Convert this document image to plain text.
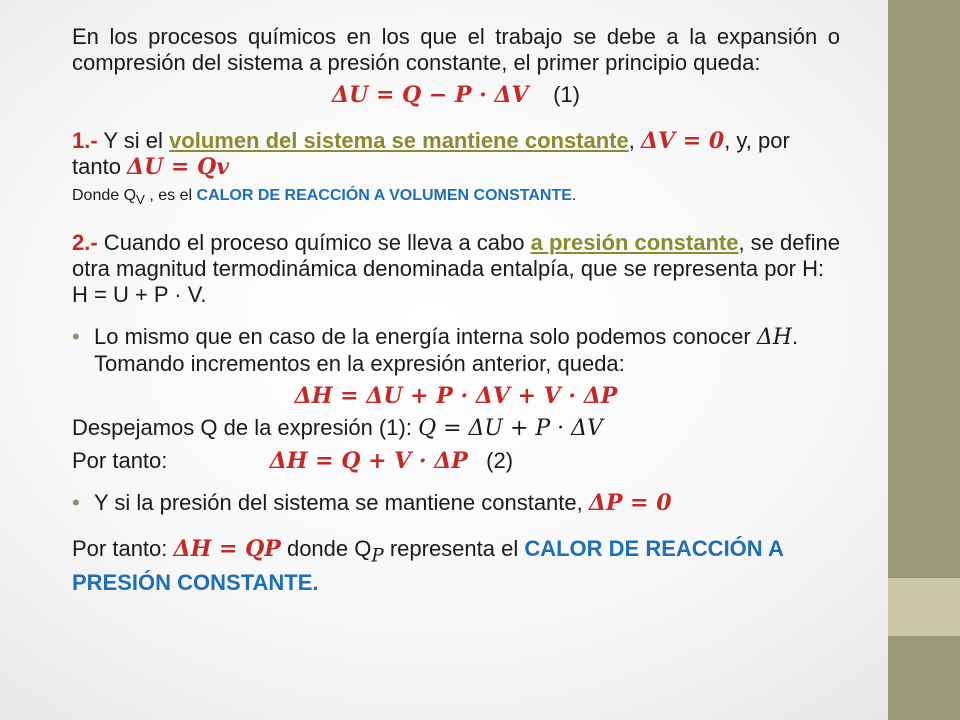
En los procesos químicos en los que el trabajo se debe a la expansión o compresión del sistema a presión constante, el primer principio queda:

ΔU = Q − P · ΔV (1)

1.- Y si el volumen del sistema se mantiene constante, ΔV = 0, y, por tanto ΔU = Qv

Donde $Q_V$ , es el CALOR DE REACCIÓN A VOLUMEN CONSTANTE.

2.- Cuando el proceso químico se lleva a cabo a presión constante, se define otra magnitud termodinámica denominada entalpía, que se representa por H: H = U + P · V.

• Lo mismo que en caso de la energía interna solo podemos conocer ΔH. Tomando incrementos en la expresión anterior, queda:

ΔH = ΔU + P · ΔV + V · ΔP

Despejamos Q de la expresión (1): Q = ΔU + P · ΔV

Por tanto:	ΔH = Q + V · ΔP (2)

• Y si la presión del sistema se mantiene constante, ΔP = 0

Por tanto: ΔH = QP donde $Q_P$ representa el CALOR DE REACCIÓN A PRESIÓN CONSTANTE.
